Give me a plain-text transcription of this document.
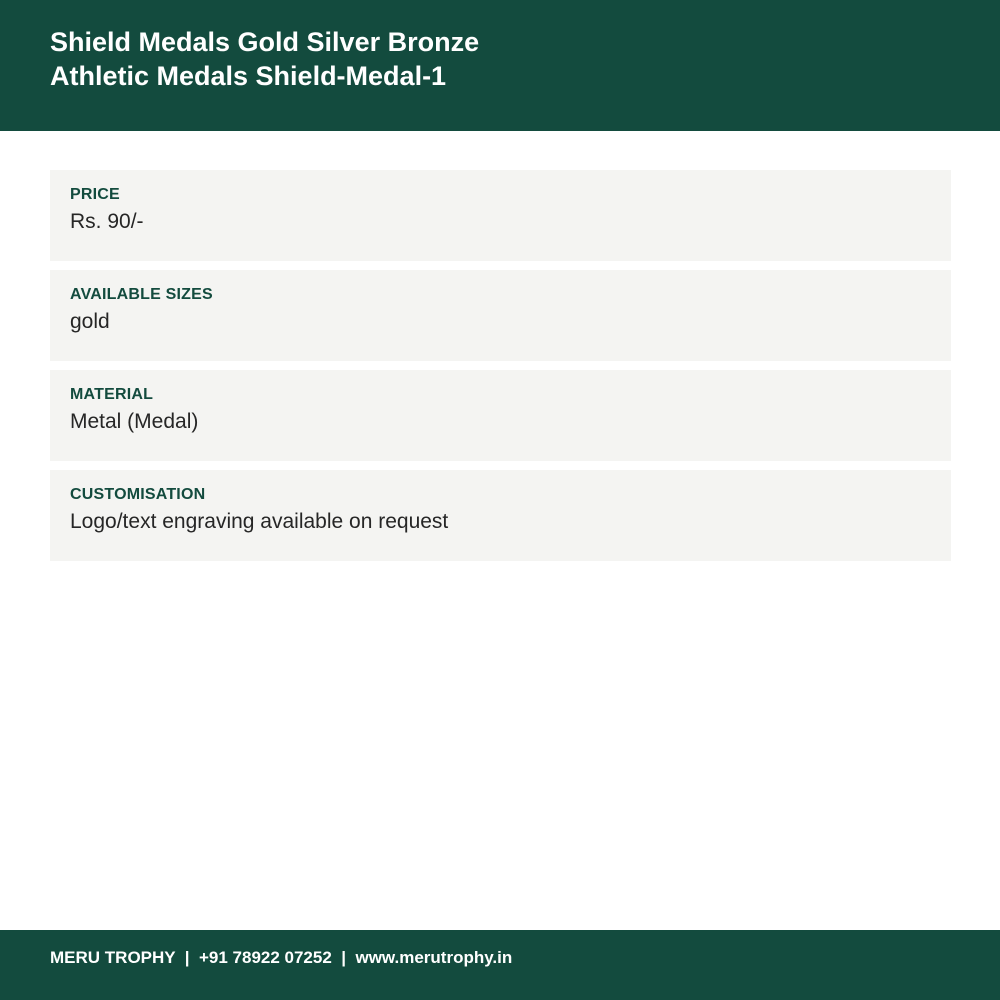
Shield Medals Gold Silver Bronze Athletic Medals Shield-Medal-1
PRICE
Rs. 90/-
AVAILABLE SIZES
gold
MATERIAL
Metal (Medal)
CUSTOMISATION
Logo/text engraving available on request
MERU TROPHY  |  +91 78922 07252  |  www.merutrophy.in
